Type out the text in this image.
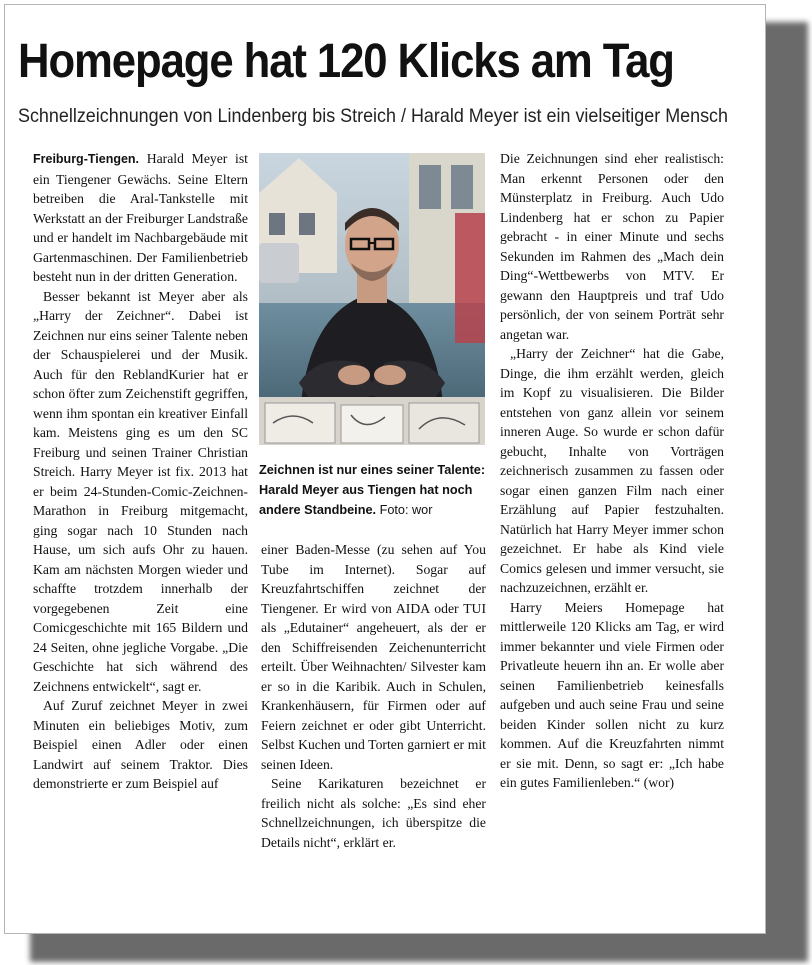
Homepage hat 120 Klicks am Tag
Schnellzeichnungen von Lindenberg bis Streich / Harald Meyer ist ein vielseitiger Mensch

Freiburg-Tiengen. Harald Meyer ist ein Tiengener Gewächs. Seine Eltern betreiben die Aral-Tankstelle mit Werkstatt an der Freiburger Landstraße und er handelt im Nachbargebäude mit Gartenmaschinen. Der Familienbetrieb besteht nun in der dritten Generation.

Besser bekannt ist Meyer aber als „Harry der Zeichner“. Dabei ist Zeichnen nur eins seiner Talente neben der Schauspielerei und der Musik. Auch für den ReblandKurier hat er schon öfter zum Zeichenstift gegriffen, wenn ihm spontan ein kreativer Einfall kam. Meistens ging es um den SC Freiburg und seinen Trainer Christian Streich. Harry Meyer ist fix. 2013 hat er beim 24-Stunden-Comic-Zeichnen-Marathon in Freiburg mitgemacht, ging sogar nach 10 Stunden nach Hause, um sich aufs Ohr zu hauen. Kam am nächsten Morgen wieder und schaffte trotzdem innerhalb der vorgegebenen Zeit eine Comicgeschichte mit 165 Bildern und 24 Seiten, ohne jegliche Vorgabe. „Die Geschichte hat sich während des Zeichnens entwickelt“, sagt er.

Auf Zuruf zeichnet Meyer in zwei Minuten ein beliebiges Motiv, zum Beispiel einen Adler oder einen Landwirt auf seinem Traktor. Dies demonstrierte er zum Beispiel auf

Zeichnen ist nur eines seiner Talente: Harald Meyer aus Tiengen hat noch andere Standbeine. Foto: wor

einer Baden-Messe (zu sehen auf You Tube im Internet). Sogar auf Kreuzfahrtschiffen zeichnet der Tiengener. Er wird von AIDA oder TUI als „Edutainer“ angeheuert, als der er den Schiffreisenden Zeichenunterricht erteilt. Über Weihnachten/ Silvester kam er so in die Karibik. Auch in Schulen, Krankenhäusern, für Firmen oder auf Feiern zeichnet er oder gibt Unterricht. Selbst Kuchen und Torten garniert er mit seinen Ideen.

Seine Karikaturen bezeichnet er freilich nicht als solche: „Es sind eher Schnellzeichnungen, ich überspitze die Details nicht“, erklärt er.

Die Zeichnungen sind eher realistisch: Man erkennt Personen oder den Münsterplatz in Freiburg. Auch Udo Lindenberg hat er schon zu Papier gebracht - in einer Minute und sechs Sekunden im Rahmen des „Mach dein Ding“-Wettbewerbs von MTV. Er gewann den Hauptpreis und traf Udo persönlich, der von seinem Porträt sehr angetan war.

„Harry der Zeichner“ hat die Gabe, Dinge, die ihm erzählt werden, gleich im Kopf zu visualisieren. Die Bilder entstehen von ganz allein vor seinem inneren Auge. So wurde er schon dafür gebucht, Inhalte von Vorträgen zeichnerisch zusammen zu fassen oder sogar einen ganzen Film nach einer Erzählung auf Papier festzuhalten. Natürlich hat Harry Meyer immer schon gezeichnet. Er habe als Kind viele Comics gelesen und immer versucht, sie nachzuzeichnen, erzählt er.

Harry Meiers Homepage hat mittlerweile 120 Klicks am Tag, er wird immer bekannter und viele Firmen oder Privatleute heuern ihn an. Er wolle aber seinen Familienbetrieb keinesfalls aufgeben und auch seine Frau und seine beiden Kinder sollen nicht zu kurz kommen. Auf die Kreuzfahrten nimmt er sie mit. Denn, so sagt er: „Ich habe ein gutes Familienleben.“ (wor)
